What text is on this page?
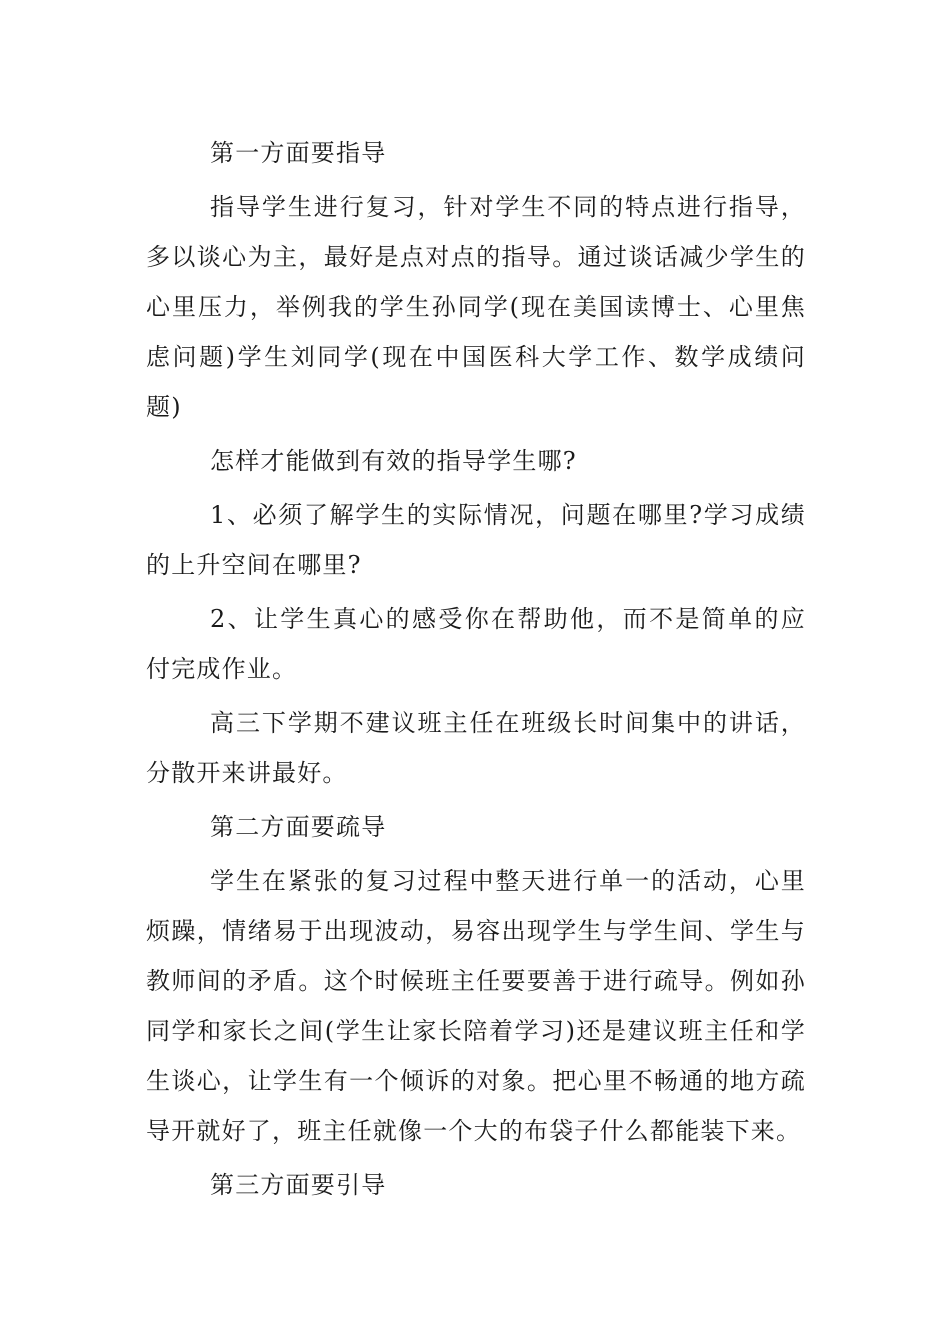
第一方面要指导

指导学生进行复习，针对学生不同的特点进行指导，多以谈心为主，最好是点对点的指导。通过谈话减少学生的心里压力，举例我的学生孙同学(现在美国读博士、心里焦虑问题)学生刘同学(现在中国医科大学工作、数学成绩问题)

怎样才能做到有效的指导学生哪?

1、必须了解学生的实际情况，问题在哪里?学习成绩的上升空间在哪里?

2、让学生真心的感受你在帮助他，而不是简单的应付完成作业。

高三下学期不建议班主任在班级长时间集中的讲话，分散开来讲最好。

第二方面要疏导

学生在紧张的复习过程中整天进行单一的活动，心里烦躁，情绪易于出现波动，易容出现学生与学生间、学生与教师间的矛盾。这个时候班主任要要善于进行疏导。例如孙同学和家长之间(学生让家长陪着学习)还是建议班主任和学生谈心，让学生有一个倾诉的对象。把心里不畅通的地方疏导开就好了，班主任就像一个大的布袋子什么都能装下来。

第三方面要引导
